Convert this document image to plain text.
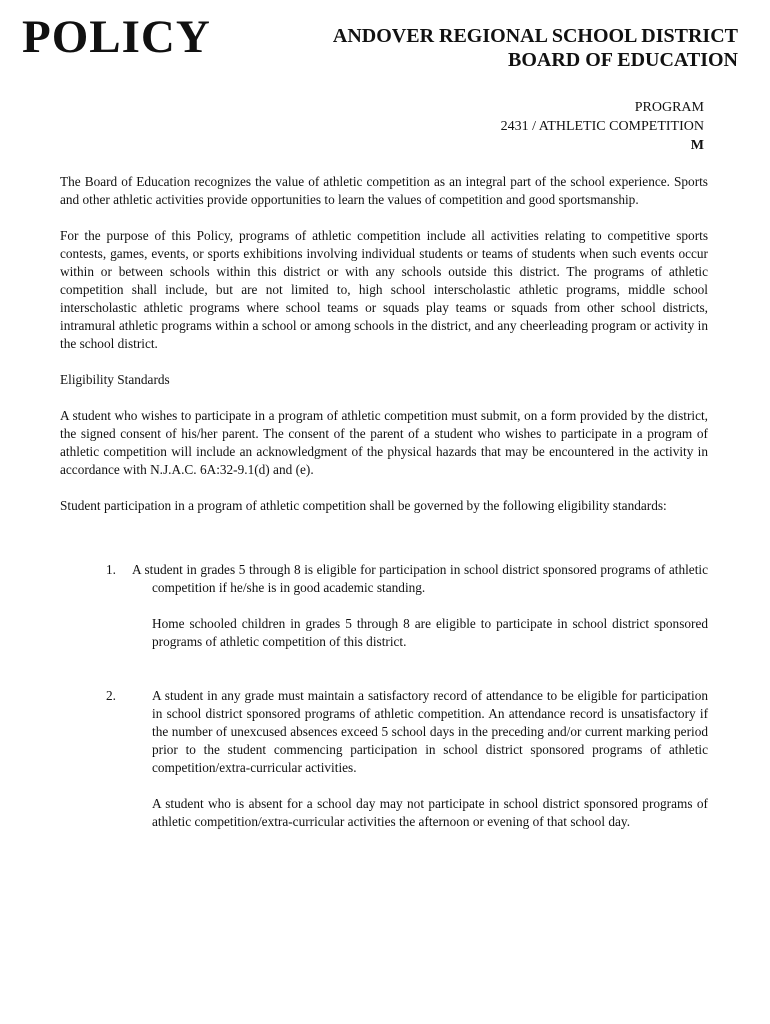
POLICY	ANDOVER REGIONAL SCHOOL DISTRICT
BOARD OF EDUCATION
PROGRAM
2431 / ATHLETIC COMPETITION
M

The Board of Education recognizes the value of athletic competition as an integral part of the school experience. Sports and other athletic activities provide opportunities to learn the values of competition and good sportsmanship.

For the purpose of this Policy, programs of athletic competition include all activities relating to competitive sports contests, games, events, or sports exhibitions involving individual students or teams of students when such events occur within or between schools within this district or with any schools outside this district. The programs of athletic competition shall include, but are not limited to, high school interscholastic athletic programs, middle school interscholastic athletic programs where school teams or squads play teams or squads from other school districts, intramural athletic programs within a school or among schools in the district, and any cheerleading program or activity in the school district.

Eligibility Standards

A student who wishes to participate in a program of athletic competition must submit, on a form provided by the district, the signed consent of his/her parent. The consent of the parent of a student who wishes to participate in a program of athletic competition will include an acknowledgment of the physical hazards that may be encountered in the activity in accordance with N.J.A.C. 6A:32-9.1(d) and (e).

Student participation in a program of athletic competition shall be governed by the following eligibility standards:

1. A student in grades 5 through 8 is eligible for participation in school district sponsored programs of athletic competition if he/she is in good academic standing.

Home schooled children in grades 5 through 8 are eligible to participate in school district sponsored programs of athletic competition of this district.

2.	A student in any grade must maintain a satisfactory record of attendance to be eligible for participation in school district sponsored programs of athletic competition. An attendance record is unsatisfactory if the number of unexcused absences exceed 5 school days in the preceding and/or current marking period prior to the student commencing participation in school district sponsored programs of athletic competition/extra-curricular activities.

A student who is absent for a school day may not participate in school district sponsored programs of athletic competition/extra-curricular activities the afternoon or evening of that school day.
